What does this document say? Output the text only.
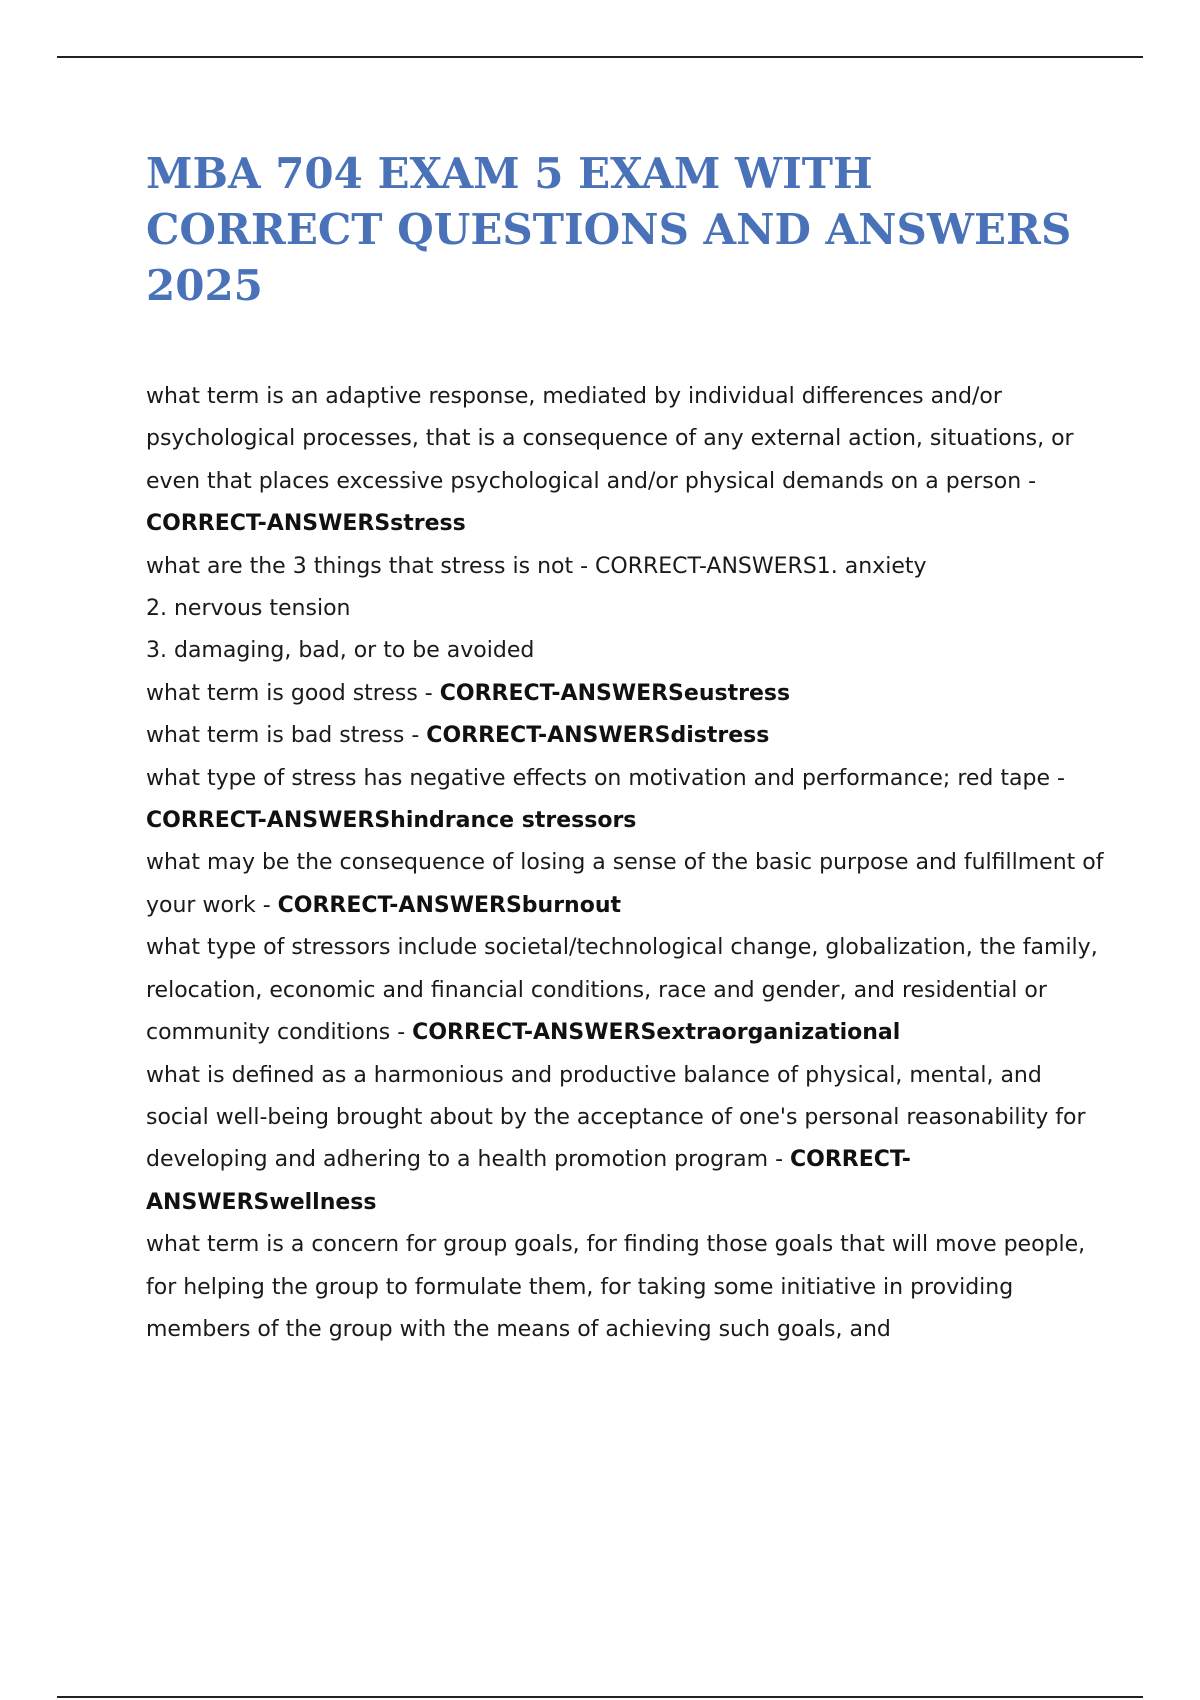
MBA 704 EXAM 5 EXAM WITH CORRECT QUESTIONS AND ANSWERS 2025

what term is an adaptive response, mediated by individual differences and/or psychological processes, that is a consequence of any external action, situations, or even that places excessive psychological and/or physical demands on a person - CORRECT-ANSWERSstress

what are the 3 things that stress is not - CORRECT-ANSWERS1. anxiety

2. nervous tension

3. damaging, bad, or to be avoided

what term is good stress - CORRECT-ANSWERSeustress

what term is bad stress - CORRECT-ANSWERSdistress

what type of stress has negative effects on motivation and performance; red tape - CORRECT-ANSWERShindrance stressors

what may be the consequence of losing a sense of the basic purpose and fulfillment of your work - CORRECT-ANSWERSburnout

what type of stressors include societal/technological change, globalization, the family, relocation, economic and financial conditions, race and gender, and residential or community conditions - CORRECT-ANSWERSextraorganizational

what is defined as a harmonious and productive balance of physical, mental, and social well-being brought about by the acceptance of one's personal reasonability for developing and adhering to a health promotion program - CORRECT-ANSWERSwellness

what term is a concern for group goals, for finding those goals that will move people, for helping the group to formulate them, for taking some initiative in providing members of the group with the means of achieving such goals, and
